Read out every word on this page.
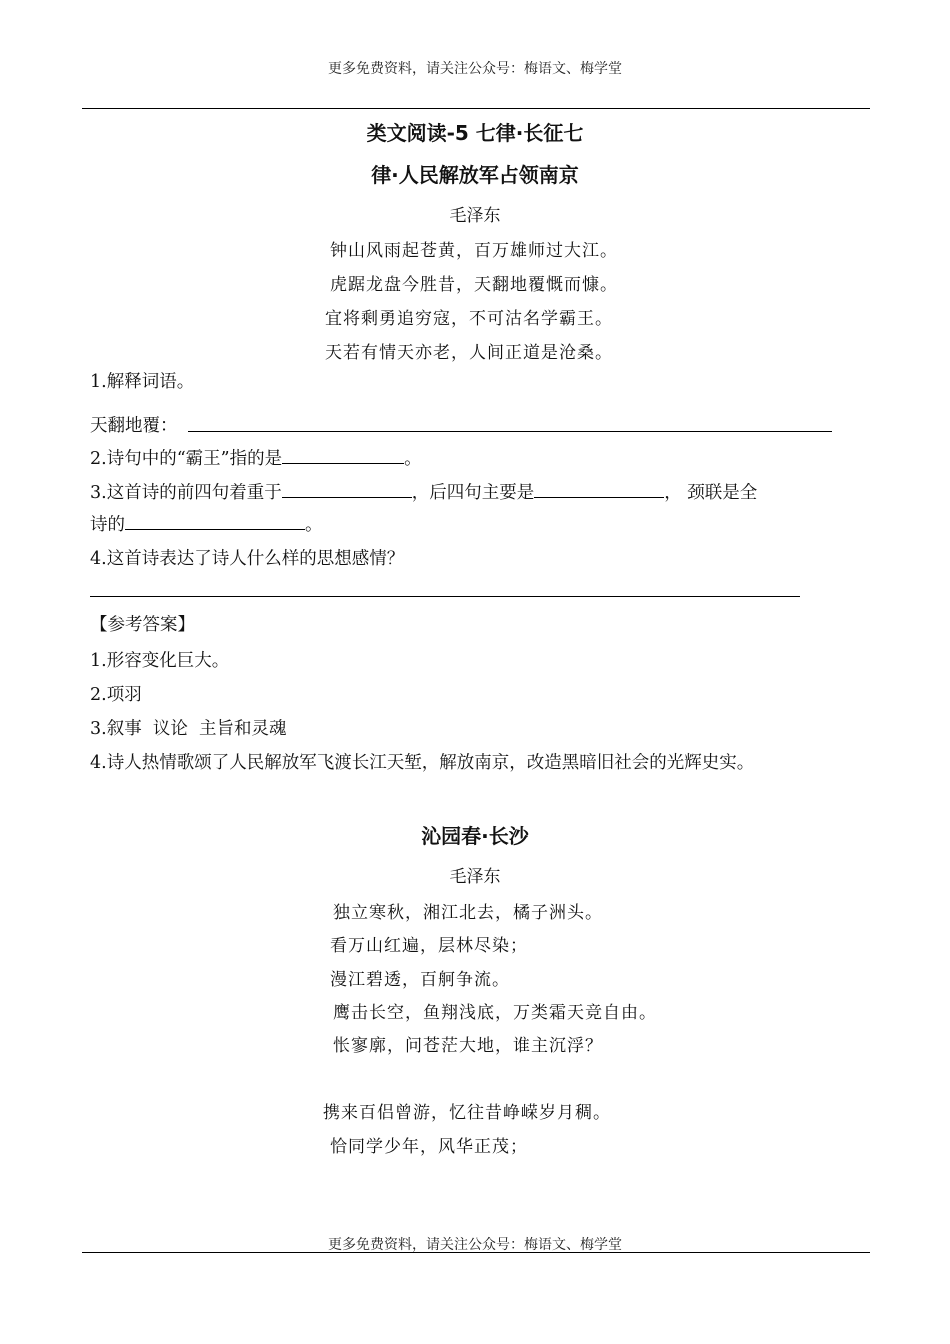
更多免费资料，请关注公众号：梅语文、梅学堂
类文阅读-5 七律·长征七
律·人民解放军占领南京
毛泽东
钟山风雨起苍黄，百万雄师过大江。
虎踞龙盘今胜昔，天翻地覆慨而慷。
宜将剩勇追穷寇，不可沽名学霸王。
天若有情天亦老，人间正道是沧桑。
1.解释词语。
天翻地覆：
2.诗句中的“霸王”指的是	。
3.这首诗的前四句着重于	，后四句主要是	， 颈联是全
诗的	。
4.这首诗表达了诗人什么样的思想感情？
【参考答案】
1.形容变化巨大。
2.项羽
3.叙事  议论  主旨和灵魂
4.诗人热情歌颂了人民解放军飞渡长江天堑，解放南京，改造黑暗旧社会的光辉史实。
沁园春·长沙
毛泽东
独立寒秋，湘江北去，橘子洲头。
看万山红遍，层林尽染；
漫江碧透，百舸争流。
鹰击长空，鱼翔浅底，万类霜天竞自由。
怅寥廓，问苍茫大地，谁主沉浮？
携来百侣曾游，忆往昔峥嵘岁月稠。
恰同学少年，风华正茂；
更多免费资料，请关注公众号：梅语文、梅学堂
